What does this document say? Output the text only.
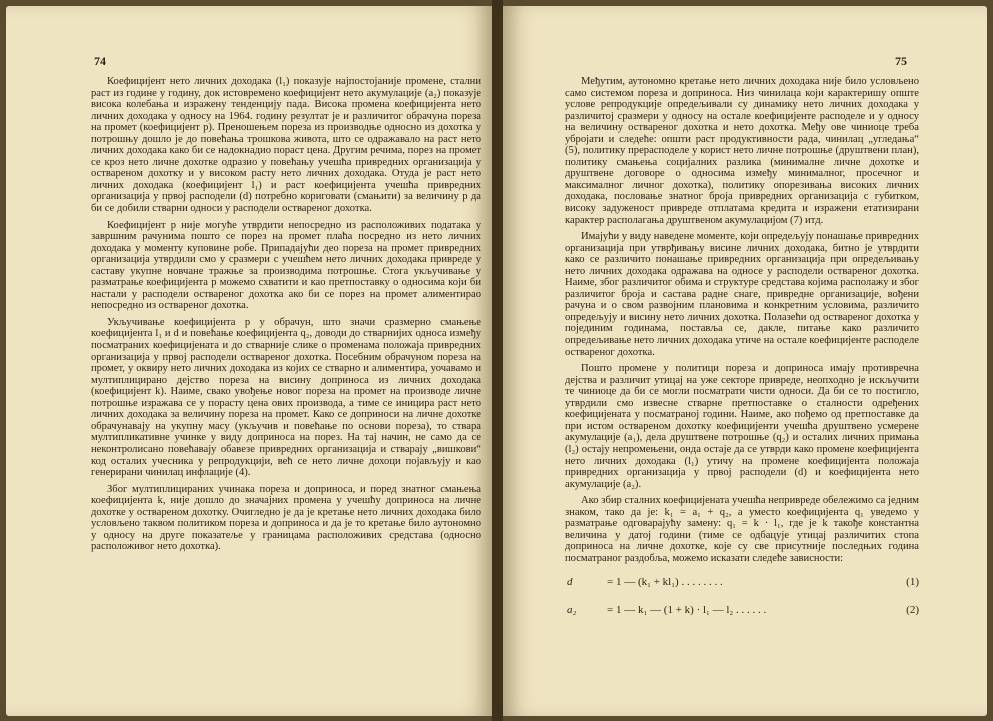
74

Коефицијент нето личних доходака (l₁) показује најпостојаније промене, стални раст из године у годину, док истовремено коефицијент нето акумулације (a₂) показује висока колебања и изражену тенденцију пада. Висока промена коефицијента нето личних доходака у односу на 1964. годину резултат је и различитог обрачуна пореза на промет (коефицијент p). Преношењем пореза из производње односно из дохотка у потрошњу дошло је до повећања трошкова живота, што се одражавало на раст нето личних доходака како би се надокнадио пораст цена. Другим речима, порез на промет се кроз нето личне дохотке одразио у повећању учешћа привредних организација у оствареном дохотку и у високом расту нето личних доходака. Отуда је раст нето личних доходака (коефицијент l₁) и раст коефицијента учешћа привредних организација у првој расподели (d) потребно кориговати (смањити) за величину p да би се добили стварни односи у расподели оствареног дохотка.

Коефицијент p није могуће утврдити непосредно из расположивих података у завршним рачунима пошто се порез на промет плаћа посредно из нето личних доходака у моменту куповине робе. Припадајући део пореза на промет привредних организација утврдили смо у сразмери с учешћем нето личних доходака привреде у саставу укупне новчане тражње за производима потрошње. Стога укључивање у разматрање коефицијента p можемо схватити и као претпоставку о односима који би настали у расподели оствареног дохотка ако би се порез на промет алиментирао непосредно из оствареног дохотка.

Укључивање коефицијента p у обрачун, што значи сразмерно смањење коефицијента l₁ и d и повећање коефицијента q₂, доводи до стварнијих односа између посматраних коефицијената и до стварније слике о променама положаја привредних организација у првој расподели оствареног дохотка. Посебним обрачуном пореза на промет, у оквиру нето личних доходака из којих се стварно и алиментира, уочавамо и мултиплицирано дејство пореза на висину доприноса из личних доходака (коефицијент k). Наиме, свако увођење новог пореза на промет на производе личне потрошње изражава се у порасту цена ових производа, а тиме се иницира раст нето личних доходака за величину пореза на промет. Како се доприноси на личне дохотке обрачунавају на укупну масу (укључив и повећање по основи пореза), то ствара мултипликативне учинке у виду доприноса на порез. На тај начин, не само да се неконтролисано повећавају обавезе привредних организација и стварају „вишкови“ код осталих учесника у репродукцији, већ се нето личне дохоци појављују и као генерирани чинилац инфлације (4).

Због мултиплицираних учинака пореза и доприноса, и поред знатног смањења коефицијента k, није дошло до значајних промена у учешћу доприноса на личне дохотке у оствареном дохотку. Очигледно је да је кретање нето личних доходака било условљено таквом политиком пореза и доприноса и да је то кретање било аутономно у односу на друге показатеље у границама расположивих средстава (односно расположивог нето дохотка).

75

Међутим, аутономно кретање нето личних доходака није било условљено само системом пореза и доприноса. Низ чинилаца који карактеришу опште услове репродукције опредељивали су динамику нето личних доходака у различитој сразмери у односу на остале коефицијенте расподеле и у односу на величину оствареног дохотка и нето дохотка. Међу ове чиниоце треба убројати и следеће: општи раст продуктивности рада, чинилац „угледања“ (5), политику прерасподеле у корист нето личне потрошње (друштвени план), политику смањења социјалних разлика (минималне личне дохотке и друштвене договоре о односима између минималног, просечног и максималног личног дохотка), политику опорезивања високих личних доходака, пословање знатног броја привредних организација с губитком, високу задуженост привреде отплатама кредита и изражени етатизирани карактер располагања друштвеном акумулацијом (7) итд.

Имајући у виду наведене моменте, који опредељују понашање привредних организација при утврђивању висине личних доходака, битно је утврдити како се различито понашање привредних организација при опредељивању нето личних доходака одражава на односе у расподели оствареног дохотка. Наиме, због различитог обима и структуре средстава којима располажу и због различитог броја и састава радне снаге, привредне организације, вођени рачуна и о свом развојним плановима и конкретним условима, различито опредељују и висину нето личних дохотка. Полазећи од оствареног дохотка у појединим годинама, поставља се, дакле, питање како различито опредељивање нето личних доходака утиче на остале коефицијенте расподеле оствареног дохотка.

Пошто промене у политици пореза и доприноса имају противречна дејства и различит утицај на уже секторе привреде, неопходно је искључити те чиниоце да би се могли посматрати чисти односи. Да би се то постигло, утврдили смо извесне стварне претпоставке о сталности одређених коефицијената у посматраној години. Наиме, ако пођемо од претпоставке да при истом оствареном дохотку коефицијенти учешћа друштвено усмерене акумулације (a₁), дела друштвене потрошње (q₂) и осталих личних примања (l₂) остају непромењени, онда остаје да се утврди како промене коефицијента нето личних доходака (l₁) утичу на промене коефицијента положаја привредних организација у првој расподели (d) и коефицијента нето акумулације (a₂).

Ако збир сталних коефицијената учешћа непривреде обележимо са једним знаком, тако да је: k₁ = a₁ + q₂, а уместо коефицијента q₁ уведемо у разматрање одговарајућу замену: q₁ = k · l₁, где је k такође константна величина у датој години (тиме се одбацује утицај различитих стопа доприноса на личне дохотке, које су све присутније последњих година посматраног раздобља, можемо исказати следеће зависности:

d	= 1 — (k₁ + kl₁) . . . . . . . .	(1)
a₂	= 1 — k₁ — (1 + k) · l₁ — l₂ . . . . . .	(2)
